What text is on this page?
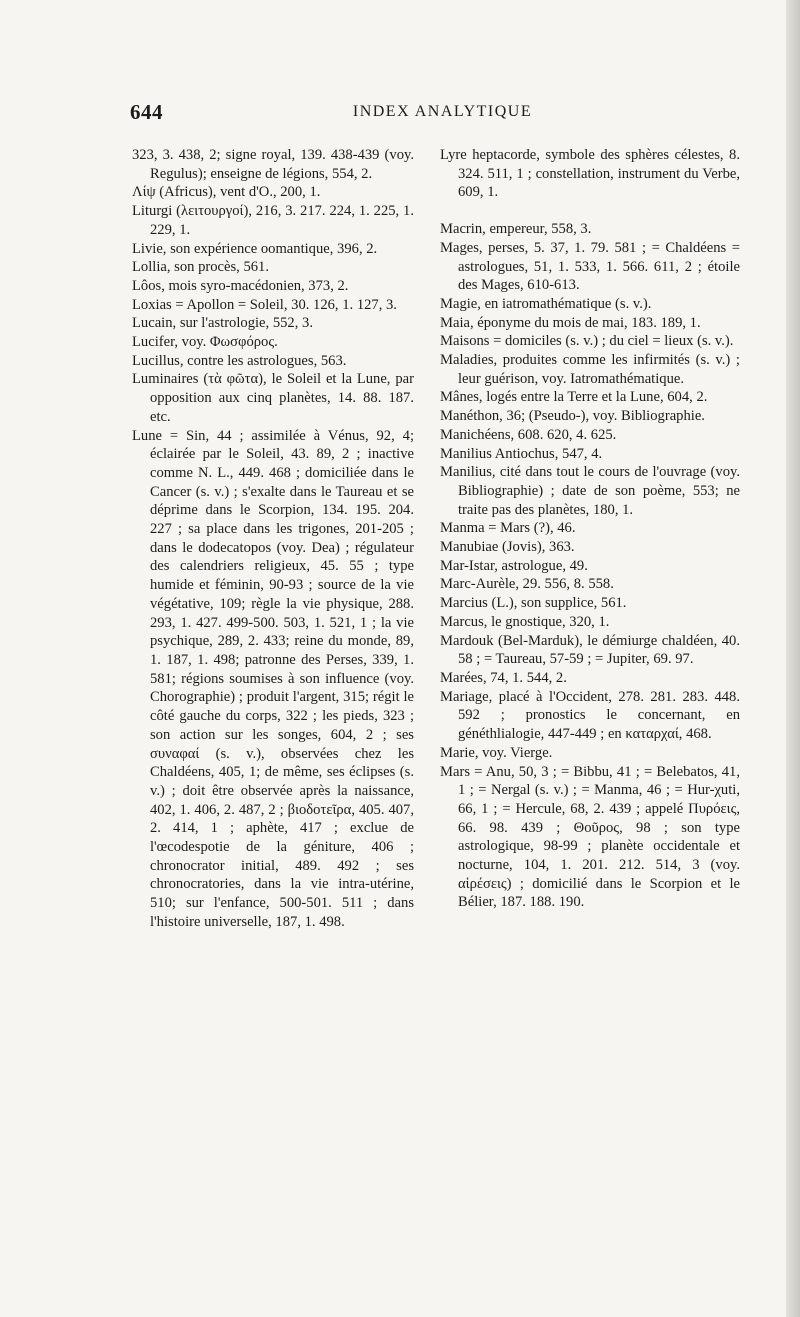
644	INDEX ANALYTIQUE

323, 3. 438, 2; signe royal, 139. 438-439 (voy. Regulus); enseigne de légions, 554, 2.

Λίψ (Africus), vent d'O., 200, 1.

Liturgi (λειτουργοί), 216, 3. 217. 224, 1. 225, 1. 229, 1.

Livie, son expérience oomantique, 396, 2.

Lollia, son procès, 561.

Lôos, mois syro-macédonien, 373, 2.

Loxias = Apollon = Soleil, 30. 126, 1. 127, 3.

Lucain, sur l'astrologie, 552, 3.

Lucifer, voy. Φωσφόρος.

Lucillus, contre les astrologues, 563.

Luminaires (τὰ φῶτα), le Soleil et la Lune, par opposition aux cinq planètes, 14. 88. 187. etc.

Lune = Sin, 44 ; assimilée à Vénus, 92, 4; éclairée par le Soleil, 43. 89, 2 ; inactive comme N. L., 449. 468 ; domiciliée dans le Cancer (s. v.) ; s'exalte dans le Taureau et se déprime dans le Scorpion, 134. 195. 204. 227 ; sa place dans les trigones, 201-205 ; dans le dodecatopos (voy. Dea) ; régulateur des calendriers religieux, 45. 55 ; type humide et féminin, 90-93 ; source de la vie végétative, 109; règle la vie physique, 288. 293, 1. 427. 499-500. 503, 1. 521, 1 ; la vie psychique, 289, 2. 433; reine du monde, 89, 1. 187, 1. 498; patronne des Perses, 339, 1. 581; régions soumises à son influence (voy. Chorographie) ; produit l'argent, 315; régit le côté gauche du corps, 322 ; les pieds, 323 ; son action sur les songes, 604, 2 ; ses συναφαί (s. v.), observées chez les Chaldéens, 405, 1; de même, ses éclipses (s. v.) ; doit être observée après la naissance, 402, 1. 406, 2. 487, 2 ; βιοδοτεῖρα, 405. 407, 2. 414, 1 ; aphète, 417 ; exclue de l'œcodespotie de la géniture, 406 ; chronocrator initial, 489. 492 ; ses chronocratories, dans la vie intra-utérine, 510; sur l'enfance, 500-501. 511 ; dans l'histoire universelle, 187, 1. 498.

Lyre heptacorde, symbole des sphères célestes, 8. 324. 511, 1 ; constellation, instrument du Verbe, 609, 1.

Macrin, empereur, 558, 3.

Mages, perses, 5. 37, 1. 79. 581 ; = Chaldéens = astrologues, 51, 1. 533, 1. 566. 611, 2 ; étoile des Mages, 610-613.

Magie, en iatromathématique (s. v.).

Maia, éponyme du mois de mai, 183. 189, 1.

Maisons = domiciles (s. v.) ; du ciel = lieux (s. v.).

Maladies, produites comme les infirmités (s. v.) ; leur guérison, voy. Iatromathématique.

Mânes, logés entre la Terre et la Lune, 604, 2.

Manéthon, 36; (Pseudo-), voy. Bibliographie.

Manichéens, 608. 620, 4. 625.

Manilius Antiochus, 547, 4.

Manilius, cité dans tout le cours de l'ouvrage (voy. Bibliographie) ; date de son poème, 553; ne traite pas des planètes, 180, 1.

Manma = Mars (?), 46.

Manubiae (Jovis), 363.

Mar-Istar, astrologue, 49.

Marc-Aurèle, 29. 556, 8. 558.

Marcius (L.), son supplice, 561.

Marcus, le gnostique, 320, 1.

Mardouk (Bel-Marduk), le démiurge chaldéen, 40. 58 ; = Taureau, 57-59 ; = Jupiter, 69. 97.

Marées, 74, 1. 544, 2.

Mariage, placé à l'Occident, 278. 281. 283. 448. 592 ; pronostics le concernant, en généthlialogie, 447-449 ; en καταρχαί, 468.

Marie, voy. Vierge.

Mars = Anu, 50, 3 ; = Bibbu, 41 ; = Belebatos, 41, 1 ; = Nergal (s. v.) ; = Manma, 46 ; = Hur-χuti, 66, 1 ; = Hercule, 68, 2. 439 ; appelé Πυρόεις, 66. 98. 439 ; Θοῦρος, 98 ; son type astrologique, 98-99 ; planète occidentale et nocturne, 104, 1. 201. 212. 514, 3 (voy. αἱρέσεις) ; domicilié dans le Scorpion et le Bélier, 187. 188. 190.
